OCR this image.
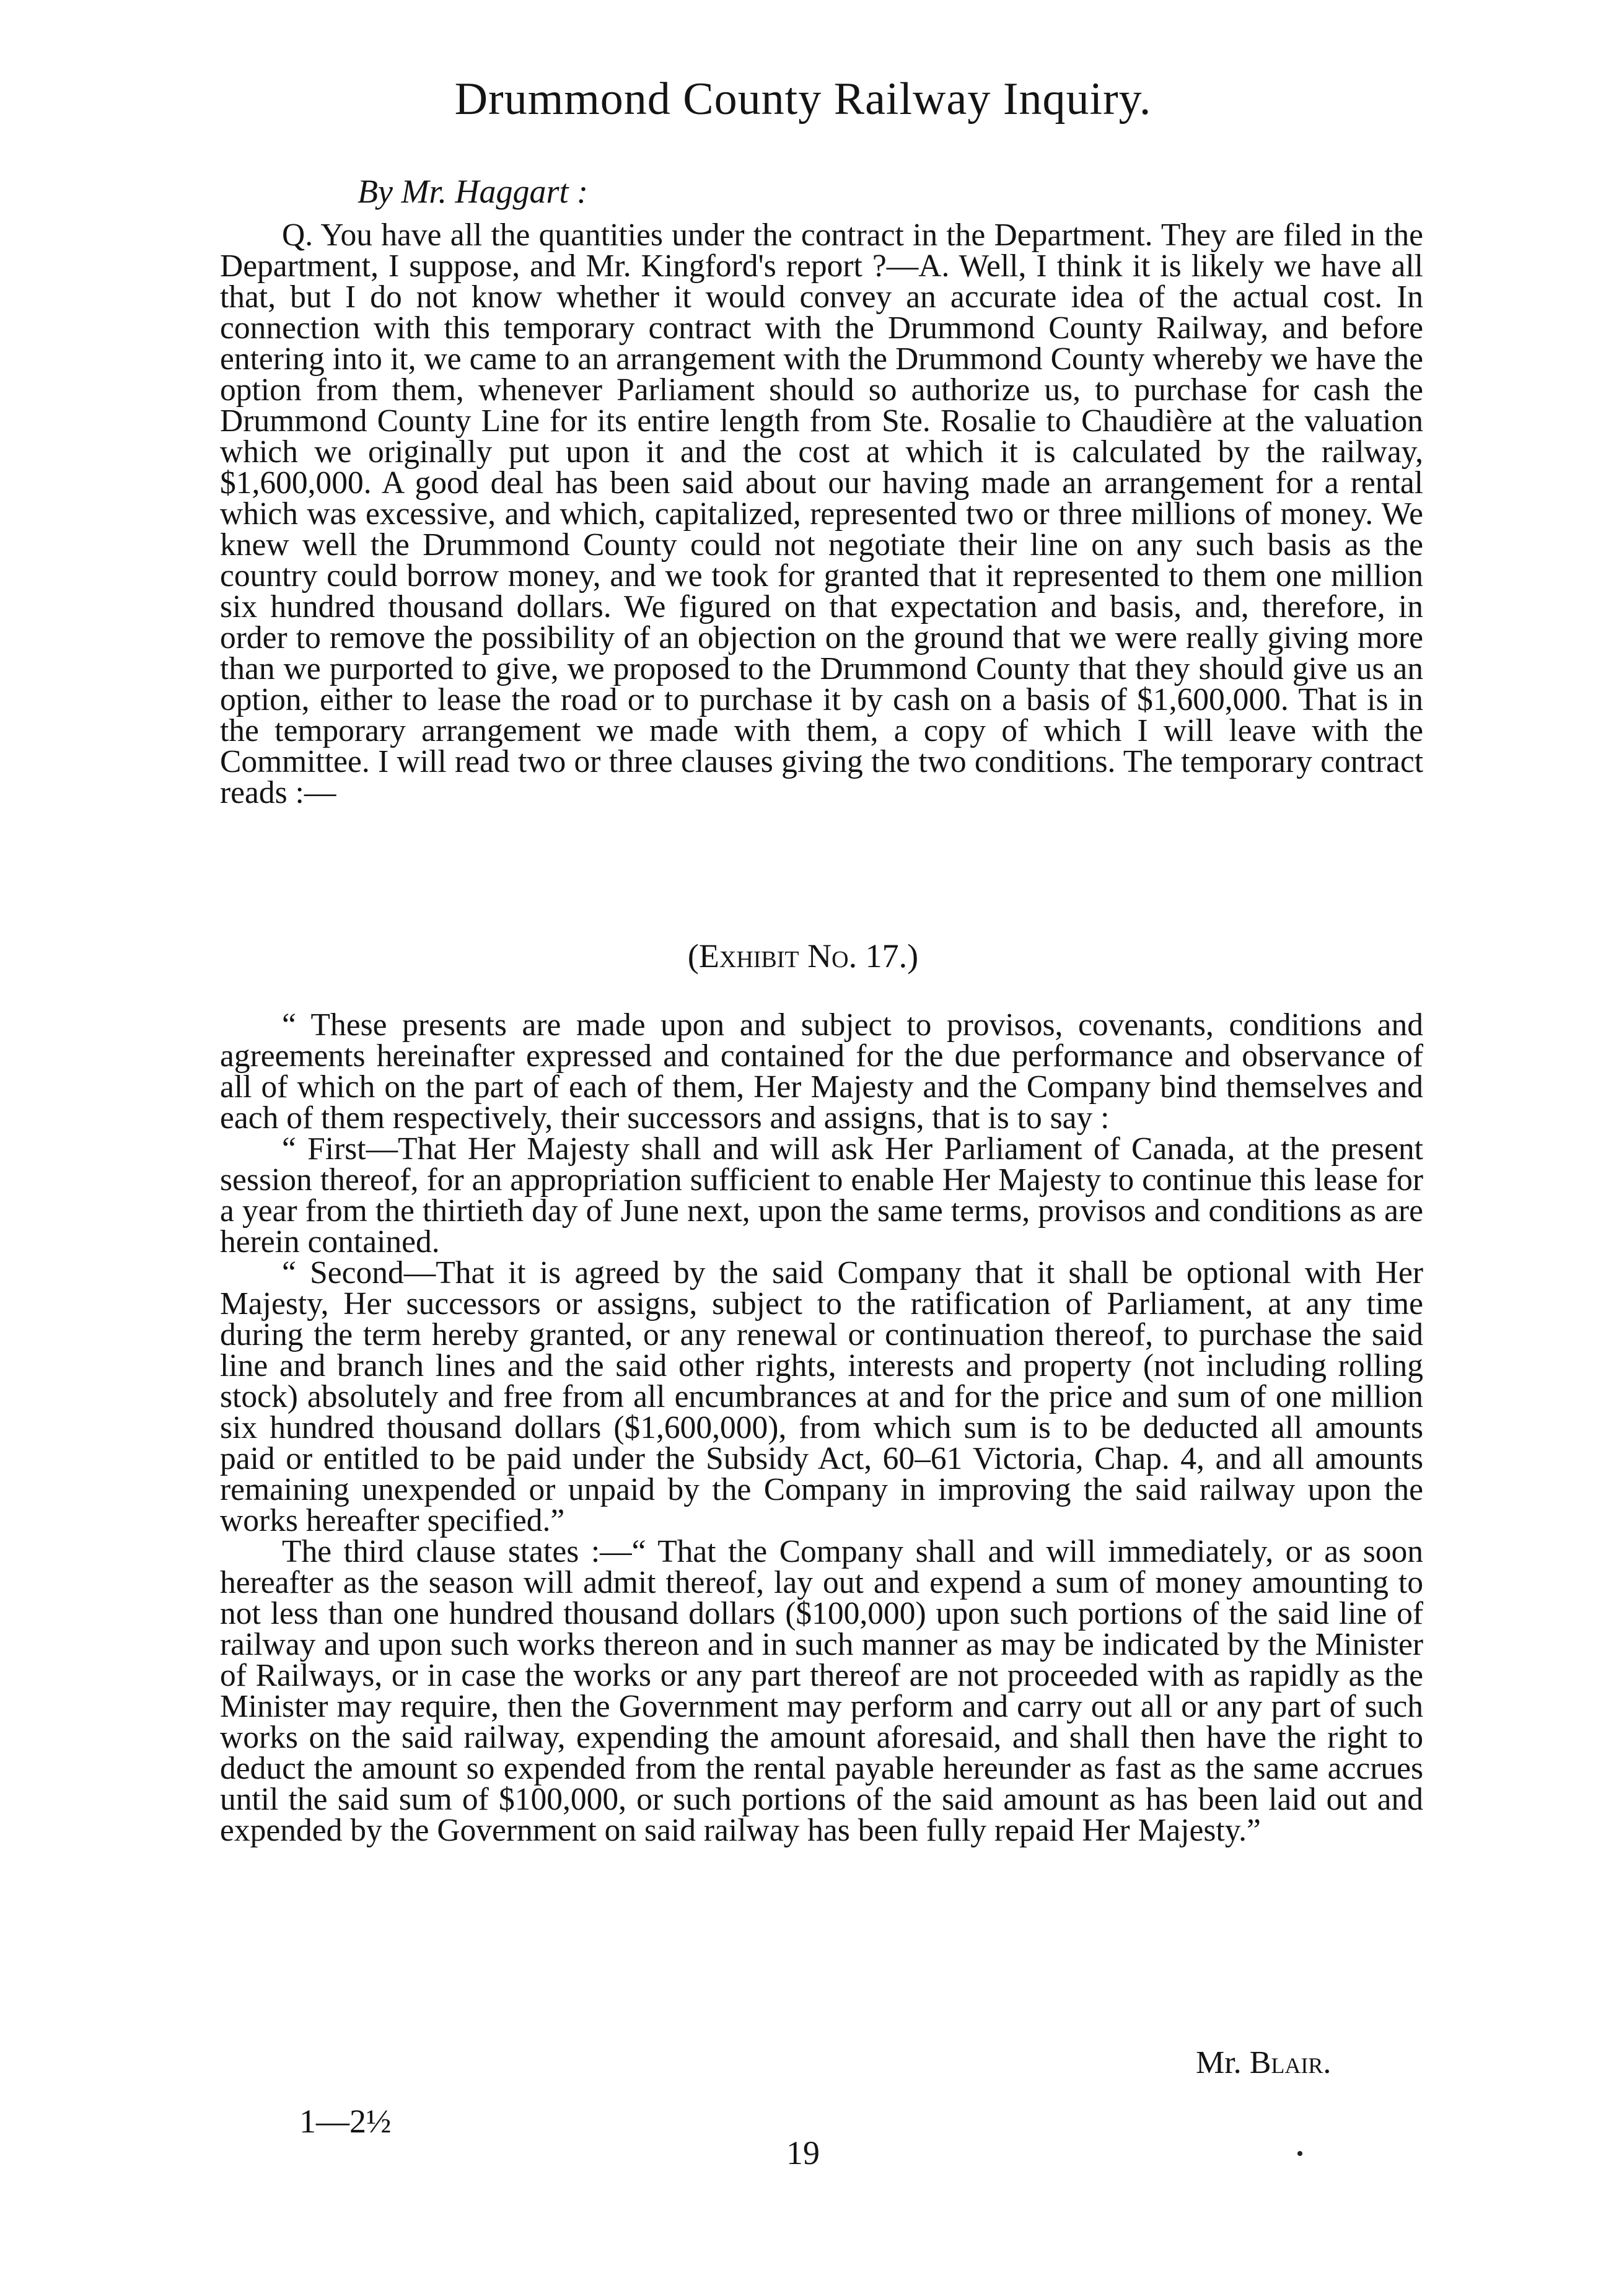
Drummond County Railway Inquiry.
By Mr. Haggart :

Q. You have all the quantities under the contract in the Department. They are filed in the Department, I suppose, and Mr. Kingford's report ?—A. Well, I think it is likely we have all that, but I do not know whether it would convey an accurate idea of the actual cost. In connection with this temporary contract with the Drummond County Railway, and before entering into it, we came to an arrangement with the Drummond County whereby we have the option from them, whenever Parliament should so authorize us, to purchase for cash the Drummond County Line for its entire length from Ste. Rosalie to Chaudière at the valuation which we originally put upon it and the cost at which it is calculated by the railway, $1,600,000. A good deal has been said about our having made an arrangement for a rental which was excessive, and which, capitalized, represented two or three millions of money. We knew well the Drummond County could not negotiate their line on any such basis as the country could borrow money, and we took for granted that it represented to them one million six hundred thousand dollars. We figured on that expectation and basis, and, therefore, in order to remove the possibility of an objection on the ground that we were really giving more than we purported to give, we proposed to the Drummond County that they should give us an option, either to lease the road or to purchase it by cash on a basis of $1,600,000. That is in the temporary arrangement we made with them, a copy of which I will leave with the Committee. I will read two or three clauses giving the two conditions. The temporary contract reads :—

(Exhibit No. 17.)

“ These presents are made upon and subject to provisos, covenants, conditions and agreements hereinafter expressed and contained for the due performance and observance of all of which on the part of each of them, Her Majesty and the Company bind themselves and each of them respectively, their successors and assigns, that is to say :

“ First—That Her Majesty shall and will ask Her Parliament of Canada, at the present session thereof, for an appropriation sufficient to enable Her Majesty to continue this lease for a year from the thirtieth day of June next, upon the same terms, provisos and conditions as are herein contained.

“ Second—That it is agreed by the said Company that it shall be optional with Her Majesty, Her successors or assigns, subject to the ratification of Parliament, at any time during the term hereby granted, or any renewal or continuation thereof, to purchase the said line and branch lines and the said other rights, interests and property (not including rolling stock) absolutely and free from all encumbrances at and for the price and sum of one million six hundred thousand dollars ($1,600,000), from which sum is to be deducted all amounts paid or entitled to be paid under the Subsidy Act, 60–61 Victoria, Chap. 4, and all amounts remaining unexpended or unpaid by the Company in improving the said railway upon the works hereafter specified.”

The third clause states :—“ That the Company shall and will immediately, or as soon hereafter as the season will admit thereof, lay out and expend a sum of money amounting to not less than one hundred thousand dollars ($100,000) upon such portions of the said line of railway and upon such works thereon and in such manner as may be indicated by the Minister of Railways, or in case the works or any part thereof are not proceeded with as rapidly as the Minister may require, then the Government may perform and carry out all or any part of such works on the said railway, expending the amount aforesaid, and shall then have the right to deduct the amount so expended from the rental payable hereunder as fast as the same accrues until the said sum of $100,000, or such portions of the said amount as has been laid out and expended by the Government on said railway has been fully repaid Her Majesty.”

Mr. Blair.
1—2½
19
